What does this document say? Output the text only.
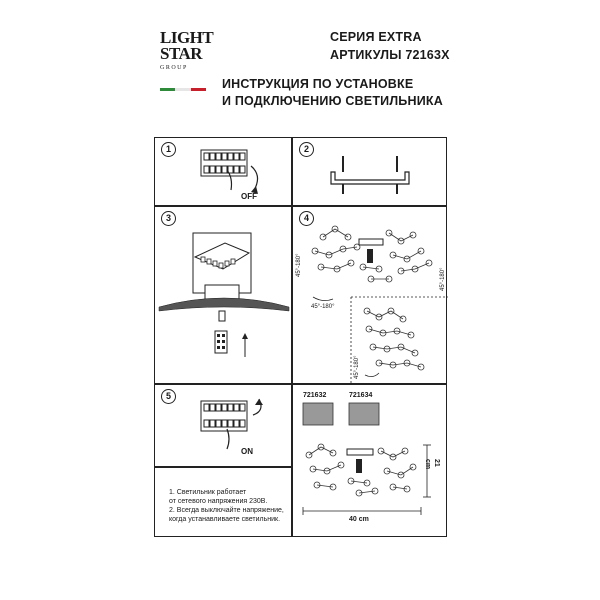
LIGHT
STAR
GROUP
СЕРИЯ EXTRA
АРТИКУЛЫ 72163X
ИНСТРУКЦИЯ ПО УСТАНОВКЕ
И ПОДКЛЮЧЕНИЮ СВЕТИЛЬНИКА
1
OFF
2
3	4
45°-180°
45°-180°
45°-180°
45°-180°
5
ON
721632	721634
40 cm
21 cm
1. Светильник работает
от сетевого напряжения 230В.
2. Всегда выключайте напряжение,
когда устанавливаете светильник.
